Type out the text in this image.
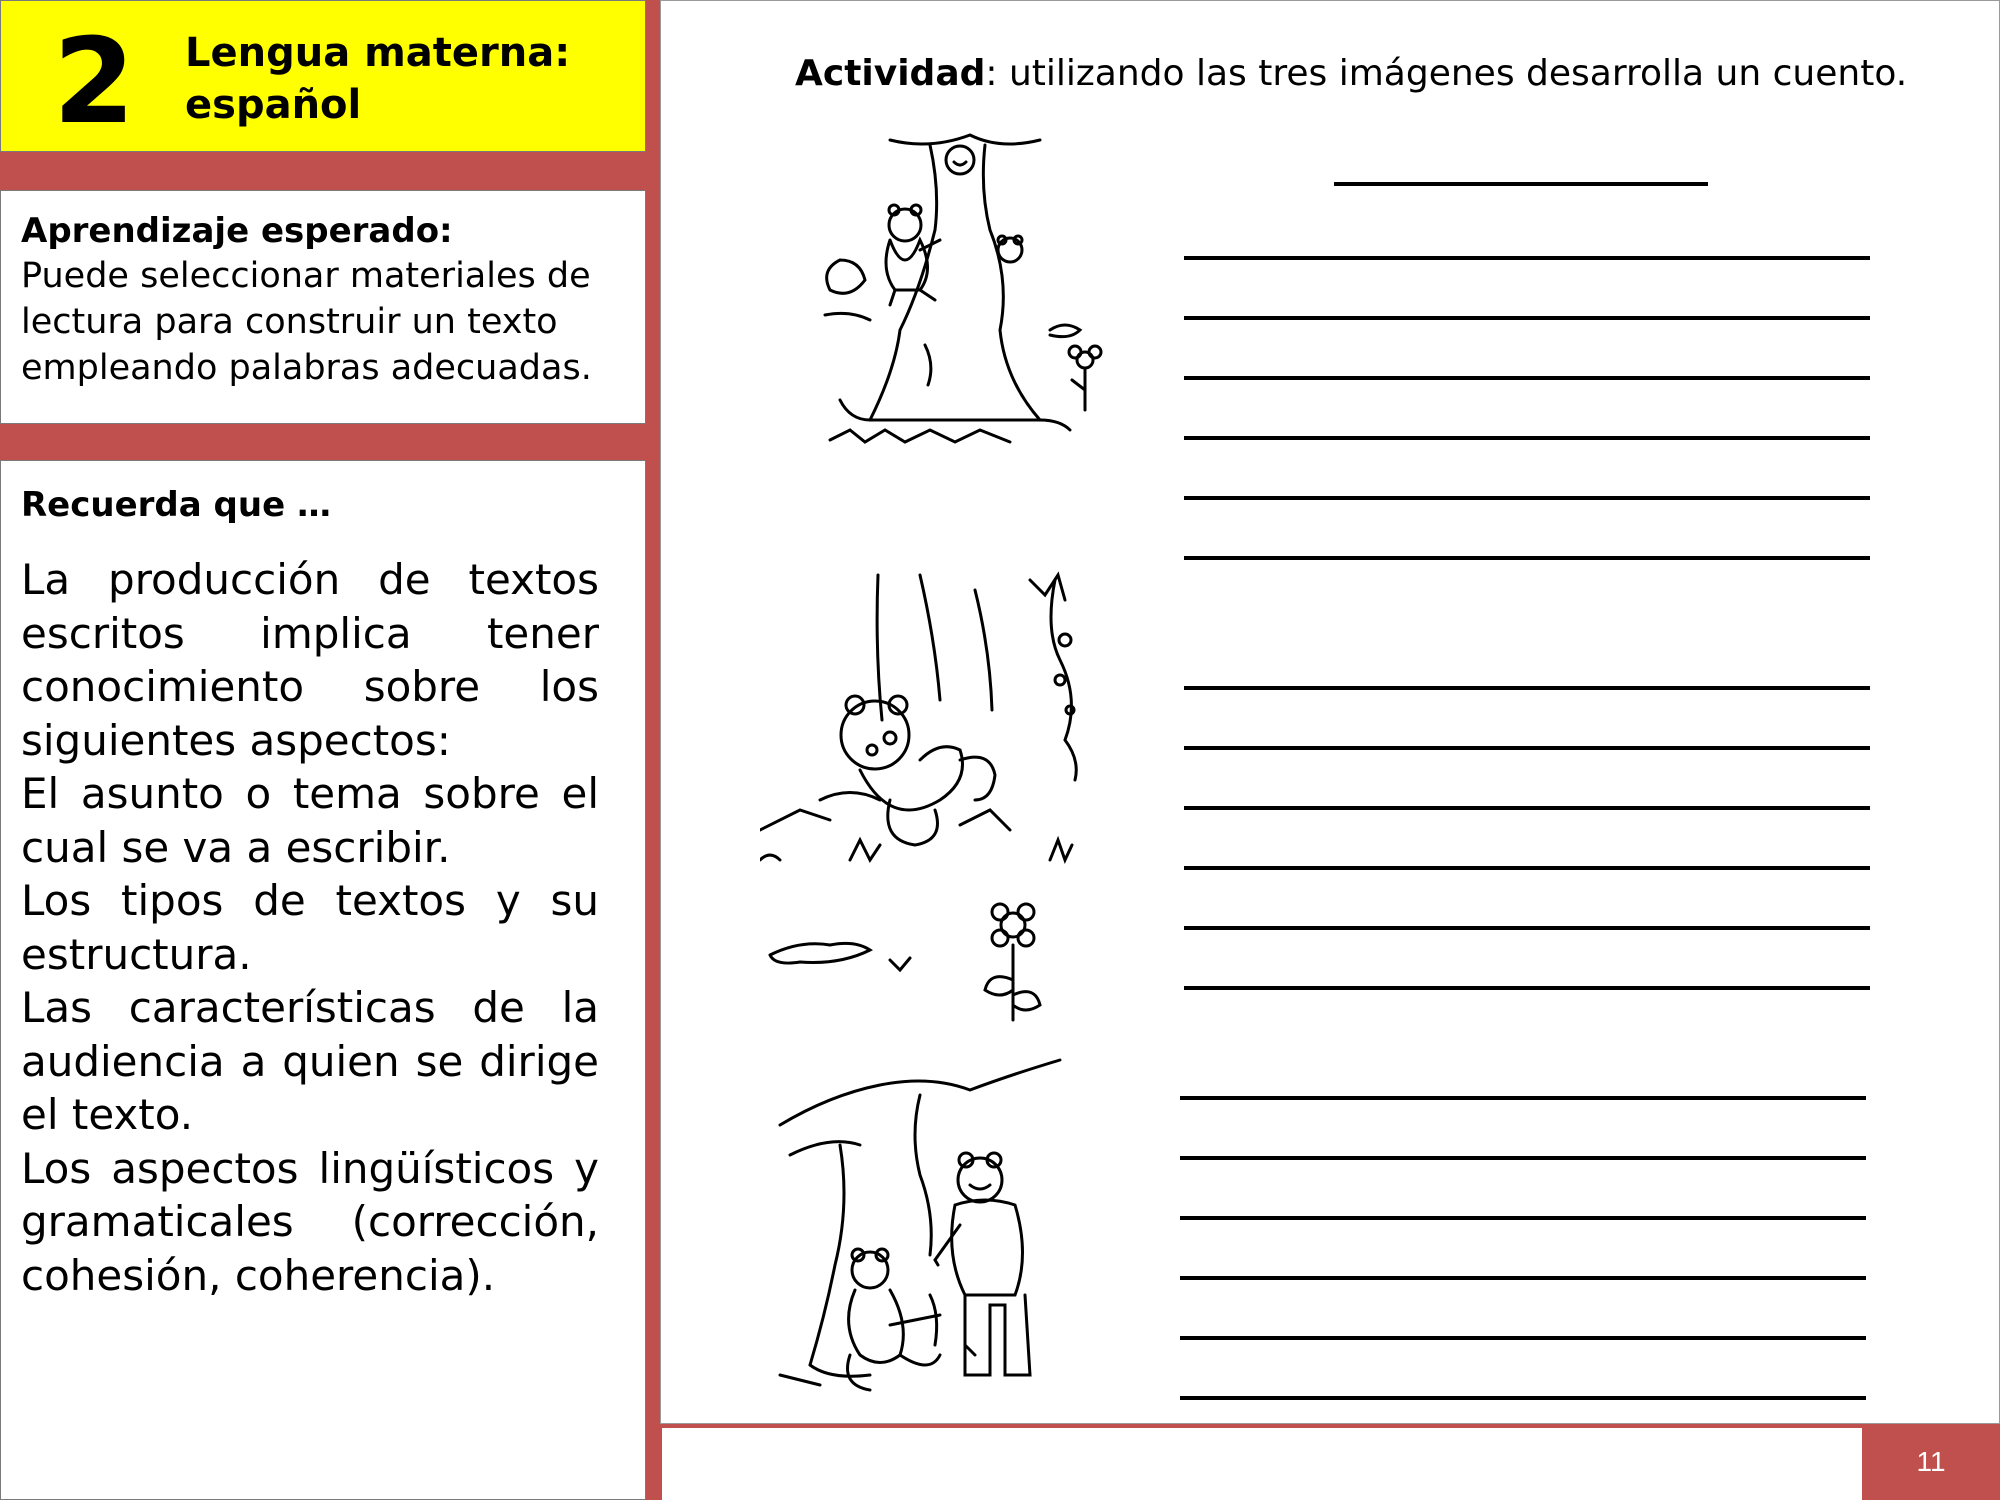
2 Lengua materna:
español
Aprendizaje esperado:

Puede seleccionar materiales de

lectura para construir un texto

empleando palabras adecuadas.

Recuerda que …

La producción de textos escritos implica tener conocimiento sobre los siguientes aspectos:

El asunto o tema sobre el cual se va a escribir.

Los tipos de textos y su estructura.

Las características de la audiencia a quien se dirige el texto.

Los aspectos lingüísticos y gramaticales (corrección, cohesión, coherencia).

Actividad: utilizando las tres imágenes desarrolla un cuento.
11
